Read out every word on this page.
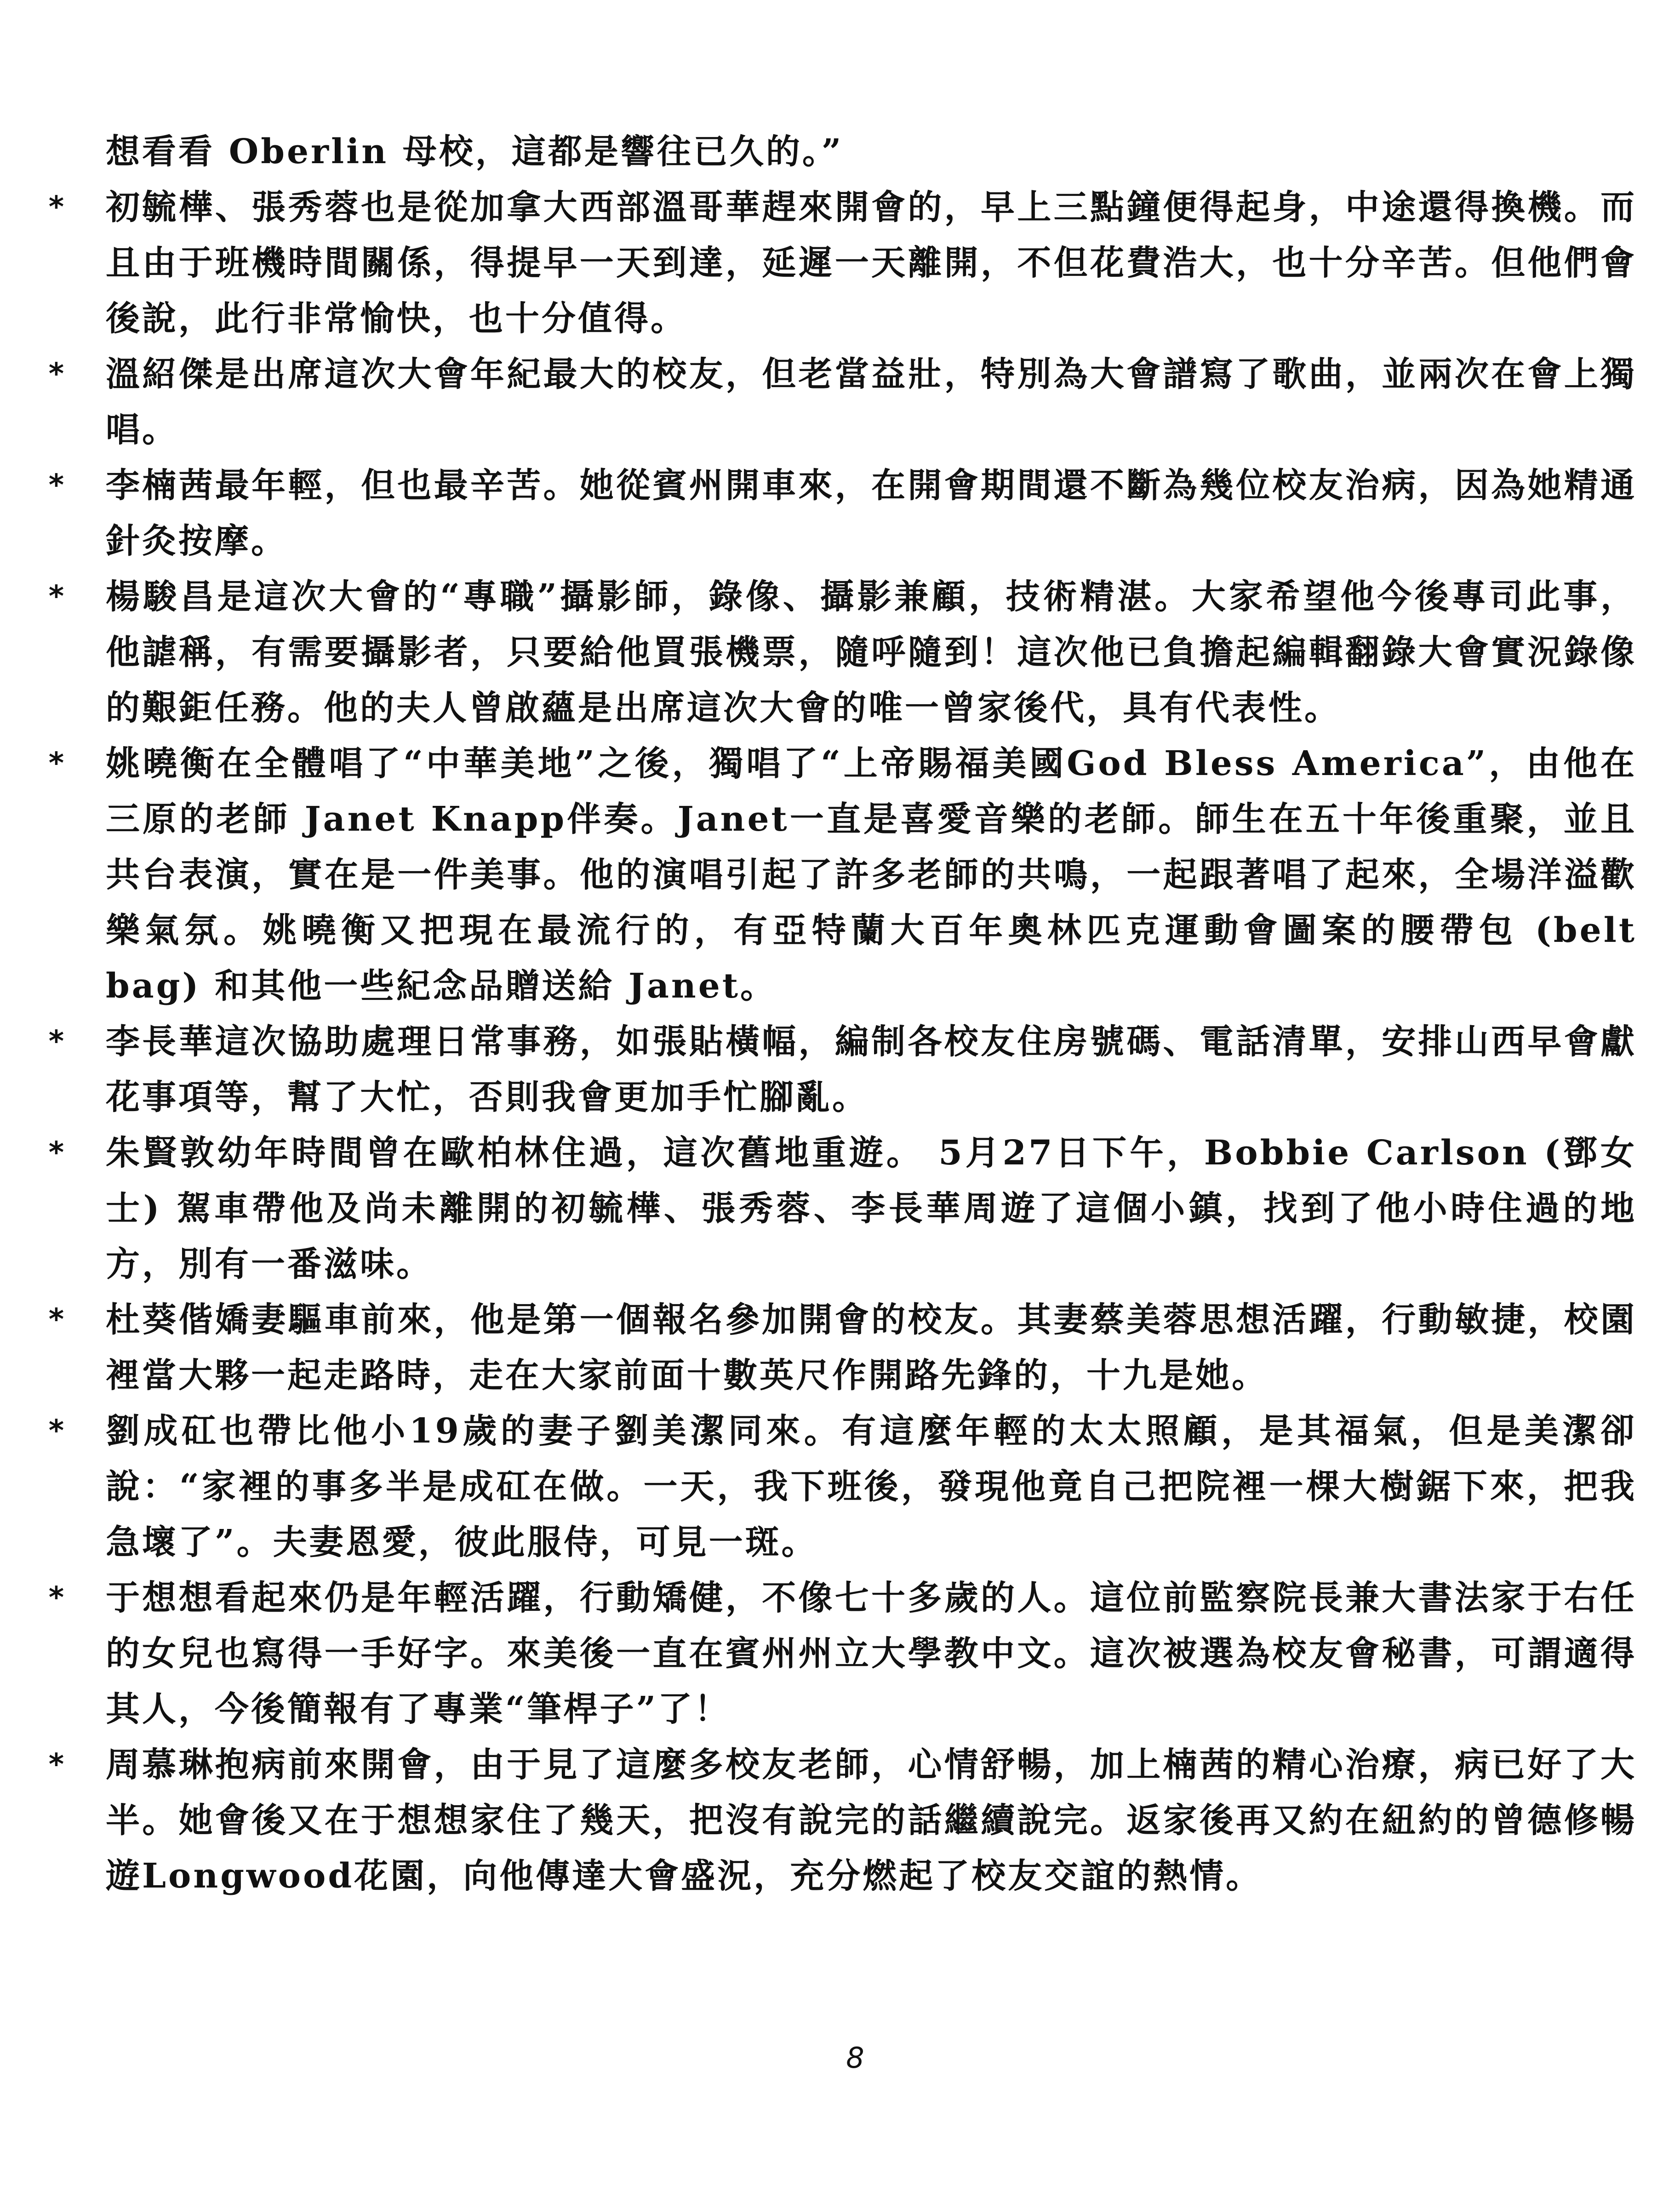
想看看 Oberlin 母校，這都是響往已久的。”

* 初毓樺、張秀蓉也是從加拿大西部溫哥華趕來開會的，早上三點鐘便得起身，中途還得換機。而且由于班機時間關係，得提早一天到達，延遲一天離開，不但花費浩大，也十分辛苦。但他們會後說，此行非常愉快，也十分值得。
* 溫紹傑是出席這次大會年紀最大的校友，但老當益壯，特別為大會譜寫了歌曲，並兩次在會上獨唱。
* 李楠茜最年輕，但也最辛苦。她從賓州開車來，在開會期間還不斷為幾位校友治病，因為她精通針灸按摩。
* 楊駿昌是這次大會的“專職”攝影師，錄像、攝影兼顧，技術精湛。大家希望他今後專司此事，他謔稱，有需要攝影者，只要給他買張機票，隨呼隨到！這次他已負擔起編輯翻錄大會實況錄像的艱鉅任務。他的夫人曾啟蘊是出席這次大會的唯一曾家後代，具有代表性。
* 姚曉衡在全體唱了“中華美地”之後，獨唱了“上帝賜福美國God Bless America”，由他在三原的老師 Janet Knapp伴奏。Janet一直是喜愛音樂的老師。師生在五十年後重聚，並且共台表演，實在是一件美事。他的演唱引起了許多老師的共鳴，一起跟著唱了起來，全場洋溢歡樂氣氛。姚曉衡又把現在最流行的，有亞特蘭大百年奧林匹克運動會圖案的腰帶包 (belt bag) 和其他一些紀念品贈送給 Janet。
* 李長華這次協助處理日常事務，如張貼橫幅，編制各校友住房號碼、電話清單，安排山西早會獻花事項等，幫了大忙，否則我會更加手忙腳亂。
* 朱賢敦幼年時間曾在歐柏林住過，這次舊地重遊。 5月27日下午，Bobbie Carlson (鄧女士) 駕車帶他及尚未離開的初毓樺、張秀蓉、李長華周遊了這個小鎮，找到了他小時住過的地方，別有一番滋味。
* 杜葵偕嬌妻驅車前來，他是第一個報名參加開會的校友。其妻蔡美蓉思想活躍，行動敏捷，校園裡當大夥一起走路時，走在大家前面十數英尺作開路先鋒的，十九是她。
* 劉成矼也帶比他小19歲的妻子劉美潔同來。有這麼年輕的太太照顧，是其福氣，但是美潔卻說：“家裡的事多半是成矼在做。一天，我下班後，發現他竟自己把院裡一棵大樹鋸下來，把我急壞了”。夫妻恩愛，彼此服侍，可見一斑。
* 于想想看起來仍是年輕活躍，行動矯健，不像七十多歲的人。這位前監察院長兼大書法家于右任的女兒也寫得一手好字。來美後一直在賓州州立大學教中文。這次被選為校友會秘書，可謂適得其人，今後簡報有了專業“筆桿子”了！
* 周慕琳抱病前來開會，由于見了這麼多校友老師，心情舒暢，加上楠茜的精心治療，病已好了大半。她會後又在于想想家住了幾天，把沒有說完的話繼續說完。返家後再又約在紐約的曾德修暢遊Longwood花園，向他傳達大會盛況，充分燃起了校友交誼的熱情。
8
